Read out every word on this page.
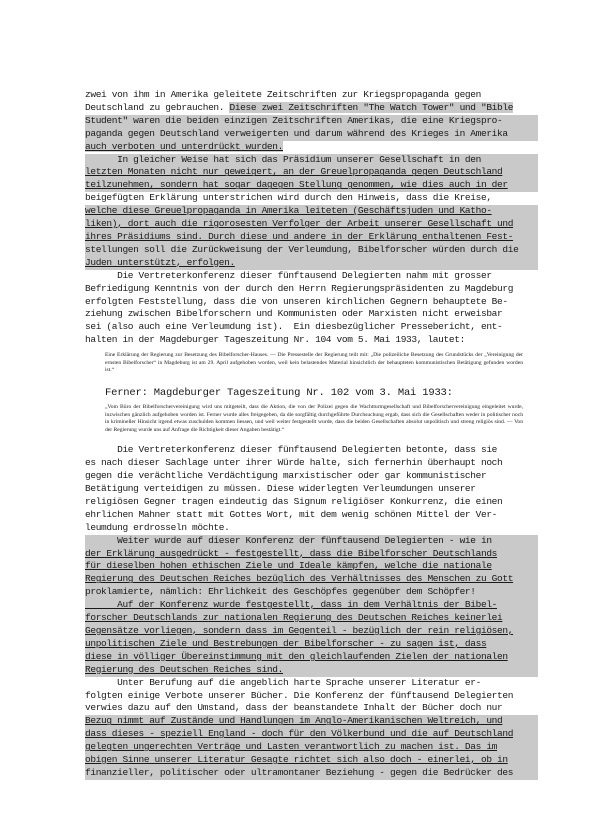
zwei von ihm in Amerika geleitete Zeitschriften zur Kriegspropaganda gegen

Deutschland zu gebrauchen. Diese zwei Zeitschriften "The Watch Tower" und "Bible

Student" waren die beiden einzigen Zeitschriften Amerikas, die eine Kriegspro-

paganda gegen Deutschland verweigerten und darum während des Krieges in Amerika

auch verboten und unterdrückt wurden.

In gleicher Weise hat sich das Präsidium unserer Gesellschaft in den

letzten Monaten nicht nur geweigert, an der Greuelpropaganda gegen Deutschland

teilzunehmen, sondern hat sogar dagegen Stellung genommen, wie dies auch in der

beigefügten Erklärung unterstrichen wird durch den Hinweis, dass die Kreise,

welche diese Greuelpropaganda in Amerika leiteten (Geschäftsjuden und Katho-

liken), dort auch die rigorosesten Verfolger der Arbeit unserer Gesellschaft und

ihres Präsidiums sind. Durch diese und andere in der Erklärung enthaltenen Fest-

stellungen soll die Zurückweisung der Verleumdung, Bibelforscher würden durch die

Juden unterstützt, erfolgen.

Die Vertreterkonferenz dieser fünftausend Delegierten nahm mit grosser

Befriedigung Kenntnis von der durch den Herrn Regierungspräsidenten zu Magdeburg

erfolgten Feststellung, dass die von unseren kirchlichen Gegnern behauptete Be-

ziehung zwischen Bibelforschern und Kommunisten oder Marxisten nicht erweisbar

sei (also auch eine Verleumdung ist).  Ein diesbezüglicher Pressebericht, ent-

halten in der Magdeburger Tageszeitung Nr. 104 vom 5. Mai 1933, lautet:

Eine Erklärung der Regierung zur Besetzung des Bibelforscher-Hauses. — Die Pressestelle der Regierung teilt mit: „Die polizeiliche Besetzung des Grundstücks der „Vereinigung der ernsten Bibelforscher“ in Magdeburg ist am 29. April aufgehoben worden, weil kein belastendes Material hinsichtlich der behaupteten kommunistischen Betätigung gefunden worden ist.“

Ferner: Magdeburger Tageszeitung Nr. 102 vom 3. Mai 1933:

„Vom Büro der Bibelforschervereinigung wird uns mitgeteilt, dass die Aktion, die von der Polizei gegen die Wachtturmgesellschaft und Bibelforschervereinigung eingeleitet wurde, inzwischen gänzlich aufgehoben worden ist. Ferner wurde alles freigegeben, da die sorgfältig durchgeführte Durchsuchung ergab, dass sich die Gesellschaften weder in politischer noch in krimineller Hinsicht irgend etwas zuschulden kommen liessen, und weil weiter festgestellt wurde, dass die beiden Gesellschaften absolut unpolitisch und streng religiös sind. — Von der Regierung wurde uns auf Anfrage die Richtigkeit dieser Angaben bestätigt.“

Die Vertreterkonferenz dieser fünftausend Delegierten betonte, dass sie

es nach dieser Sachlage unter ihrer Würde halte, sich fernerhin überhaupt noch

gegen die verächtliche Verdächtigung marxistischer oder gar kommunistischer

Betätigung verteidigen zu müssen. Diese widerlegten Verleumdungen unserer

religiösen Gegner tragen eindeutig das Signum religiöser Konkurrenz, die einen

ehrlichen Mahner statt mit Gottes Wort, mit dem wenig schönen Mittel der Ver-

leumdung erdrosseln möchte.

Weiter wurde auf dieser Konferenz der fünftausend Delegierten - wie in

der Erklärung ausgedrückt - festgestellt, dass die Bibelforscher Deutschlands

für dieselben hohen ethischen Ziele und Ideale kämpfen, welche die nationale

Regierung des Deutschen Reiches bezüglich des Verhältnisses des Menschen zu Gott

proklamierte, nämlich: Ehrlichkeit des Geschöpfes gegenüber dem Schöpfer!

Auf der Konferenz wurde festgestellt, dass in dem Verhältnis der Bibel-

forscher Deutschlands zur nationalen Regierung des Deutschen Reiches keinerlei

Gegensätze vorliegen, sondern dass im Gegenteil - bezüglich der rein religiösen,

unpolitischen Ziele und Bestrebungen der Bibelforscher - zu sagen ist, dass

diese in völliger Übereinstimmung mit den gleichlaufenden Zielen der nationalen

Regierung des Deutschen Reiches sind.

Unter Berufung auf die angeblich harte Sprache unserer Literatur er-

folgten einige Verbote unserer Bücher. Die Konferenz der fünftausend Delegierten

verwies dazu auf den Umstand, dass der beanstandete Inhalt der Bücher doch nur

Bezug nimmt auf Zustände und Handlungen im Anglo-Amerikanischen Weltreich, und

dass dieses - speziell England - doch für den Völkerbund und die auf Deutschland

gelegten ungerechten Verträge und Lasten verantwortlich zu machen ist. Das im

obigen Sinne unserer Literatur Gesagte richtet sich also doch - einerlei, ob in

finanzieller, politischer oder ultramontaner Beziehung - gegen die Bedrücker des
